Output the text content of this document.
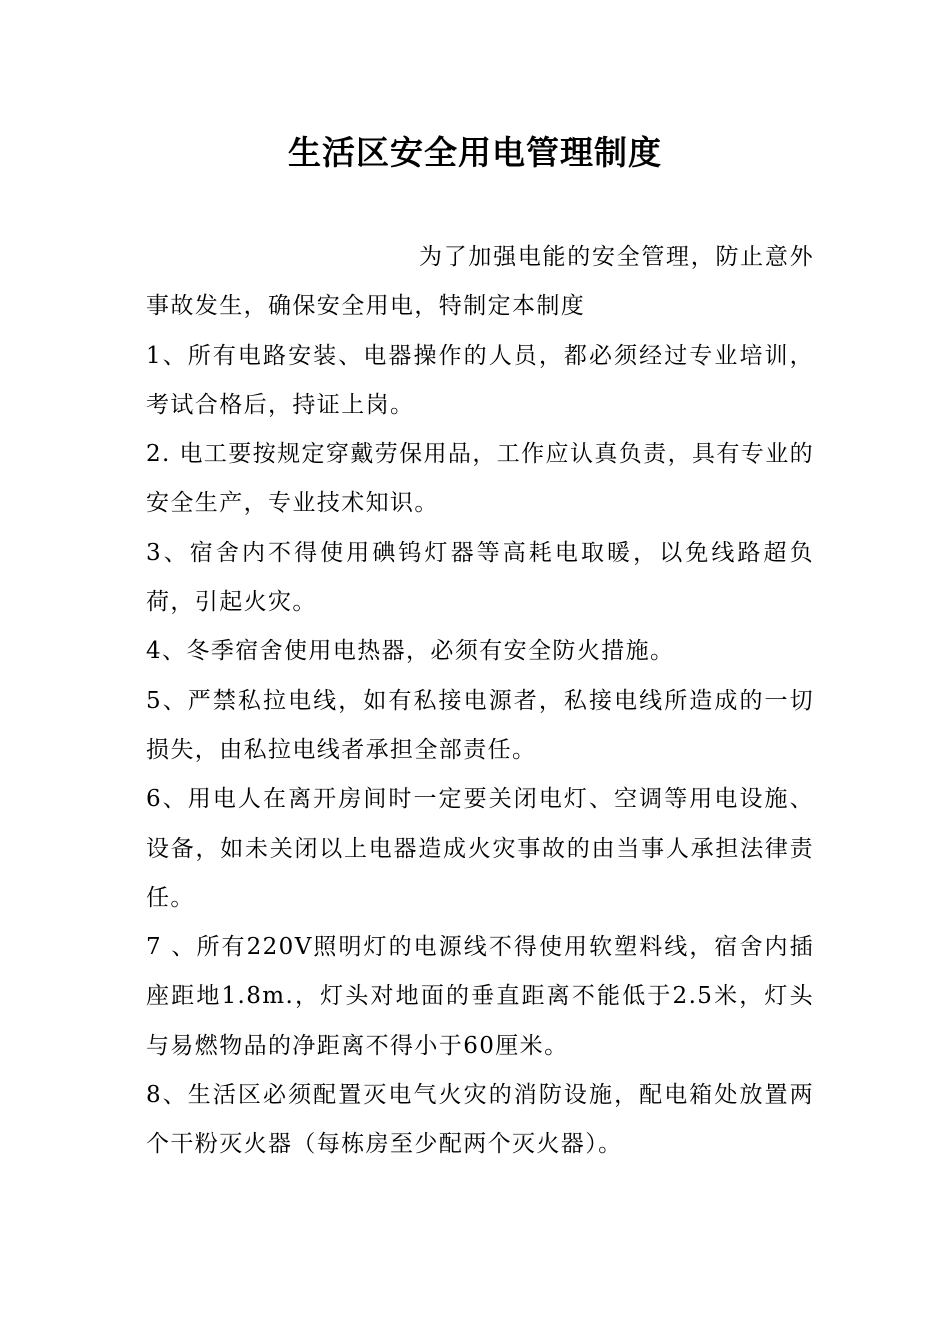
生活区安全用电管理制度

为了加强电能的安全管理，防止意外事故发生，确保安全用电，特制定本制度

1、所有电路安装、电器操作的人员，都必须经过专业培训，考试合格后，持证上岗。

2. 电工要按规定穿戴劳保用品，工作应认真负责，具有专业的安全生产，专业技术知识。

3、宿舍内不得使用碘钨灯器等高耗电取暖，以免线路超负荷，引起火灾。

4、冬季宿舍使用电热器，必须有安全防火措施。

5、严禁私拉电线，如有私接电源者，私接电线所造成的一切损失，由私拉电线者承担全部责任。

6、用电人在离开房间时一定要关闭电灯、空调等用电设施、设备，如未关闭以上电器造成火灾事故的由当事人承担法律责任。

7 、所有220V照明灯的电源线不得使用软塑料线，宿舍内插座距地1.8m.，灯头对地面的垂直距离不能低于2.5米，灯头与易燃物品的净距离不得小于60厘米。

8、生活区必须配置灭电气火灾的消防设施，配电箱处放置两个干粉灭火器（每栋房至少配两个灭火器）。
